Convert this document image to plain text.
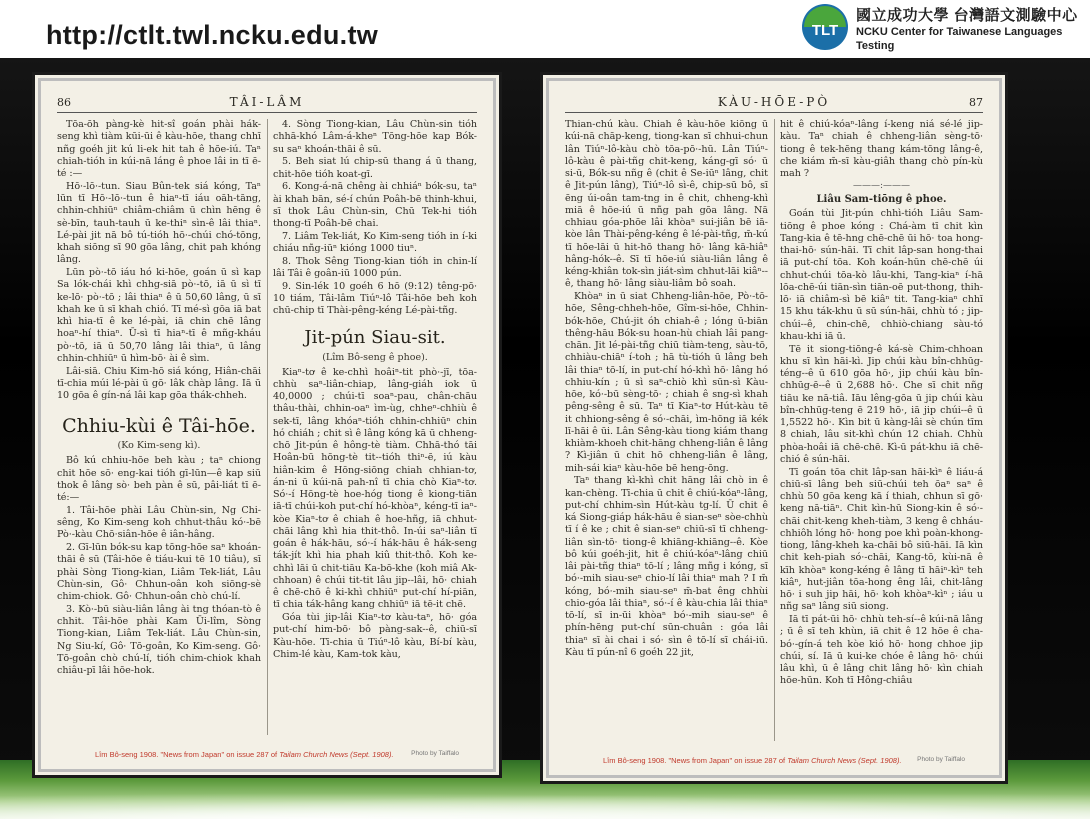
http://ctlt.twl.ncku.edu.tw	TLT
國立成功大學 台灣語文測驗中心
NCKU Center for Taiwanese Languages Testing
86	TÂI-LÂM

Tōa-ōh pàng-kè hit-sî goán phài hák-seng khì tiàm kūi-ūi ê kàu-hōe, thang chhī nñg goéh jit kú li-ek hit tah ê hōe-iú. Taⁿ chiah-tióh in kúi-nā láng ê phoe lâi in tī ē-té :—

Hō·-lō·-tun. Siau Bûn-tek siá kóng, Taⁿ lūn tī Hō·-lō·-tun ê hiaⁿ-tī iáu oāh-tāng, chhin-chhiūⁿ chiâm-chiâm ū chìn hēng ê sè-bīn, tauh-tauh ū ke-thiⁿ sìn-ê lâi thiaⁿ. Lé-pài jit nā bô tú-tióh hō·-chúi chó-tōng, khah siōng sī 90 gōa lâng, chit pah khóng lâng.

Lūn pò·-tō iáu hó ki-hōe, goán ū sì kap Sa lók-chái khì chhg-siā pò·-tō, iā ū sì tī ke-lō· pò·-tō ; lâi thiaⁿ ê ū 50,60 lâng, ū sī khah ke ū sī khah chió. Tī mé-sì gōa iā bat khì hia-tī ê ke lé-pài, iā chin chē lâng hoaⁿ-hí thiaⁿ. Ū-sì tī hiaⁿ-tī ê mñg-kháu pò·-tō, iā ū 50,70 lâng lâi thiaⁿ, ū lâng chhin-chhiūⁿ ū hìm-bō· ài ê sìm.

Lâi-siā. Chiu Kim-hō siá kóng, Hiân-chāi tī-chia múi lé-pài ū gō· lâk chàp lâng. Iā ū 10 gōa ê gín-ná lâi kap gōa thák-chheh.

Chhiu-kùi ê Tâi-hōe.
(Ko Kim-seng kì).

Bô kú chhiu-hōe beh kàu ; taⁿ chiong chit hōe sō· eng-kai tióh gī-lūn—ê kap siū thok ê lâng sò· beh pàn ê sū, pâi-liát tī ē-té:—

1. Tâi-hōe phài Lâu Chùn-sin, Ng Chi-sêng, Ko Kim-seng koh chhut-thâu kó·-bē Pò·-kàu Chō·siân-hōe ê iân-hâng.

2. Gī-lūn bók-su kap tōng-hōe saⁿ khoán-thāi ê sū (Tâi-hōe ê tiáu-kui tē 10 tiâu), sī phài Sòng Tiong-kian, Liâm Tek-liát, Lâu Chùn-sin, Gô· Chhun-oân koh siōng-sè chim-chiok. Gô· Chhun-oân chò chú-lí.

3. Kò·-bū siàu-liân lâng ài tng thóan-tò ê chhit. Tâi-hōe phài Kam Ūi-lîm, Sòng Tiong-kian, Liâm Tek-liát. Lâu Chùn-sin, Ng Siu-kí, Gô· Tō-goân, Ko Kim-seng. Gô· Tō-goân chò chú-lí, tióh chim-chiok khah chiâu-pī lâi hōe-hok.

4. Sòng Tiong-kian, Lâu Chùn-sin tióh chhā-khó Lâm-á-kheⁿ Tōng-hōe kap Bók-su saⁿ khoán-thāi ê sū.

5. Beh siat lú chip-sū thang á ū thang, chit-hōe tióh koat-gī.

6. Kong-á-nā chêng ài chhiáⁿ bók-su, taⁿ ài khah bān, sé-í chún Poâh-bē thinh-khui, sī thok Lâu Chùn-sin, Chū Tek-hi tióh thong-tī Poâh-bē chai.

7. Liâm Tek-liát, Ko Kim-seng tióh in í-ki chiáu nñg-iūⁿ kióng 1000 tiuⁿ.

8. Thok Sêng Tiong-kian tióh in chin-lí lâi Tâi ê goân-iū 1000 pún.

9. Sin-lék 10 goéh 6 hō (9:12) têng-pō· 10 tiám, Tâi-lâm Tiúⁿ-lô Tâi-hōe beh koh chū-chip tī Thài-pêng-kéng Lé-pài-tñg.

Jit-pún Siau-sit.
(Lîm Bô-seng ê phoe).

Kiaⁿ-tơ ê ke-chhì hoâiⁿ-tit phò·-jī, tōa-chhù saⁿ-liân-chiap, lâng-giáh iok ū 40,0000 ; chúi-tī soaⁿ-pau, chân-chāu thâu-thài, chhin-oaⁿ ìm-ùg, chheⁿ-chhiù ê sek-tī, lâng khóaⁿ-tióh chhin-chhiūⁿ chin hó chiáh ; chit sì ê lâng kóng kā ū chheng-chō Jit-pún ê hông-tè tiàm. Chhā-thó tāi Hoân-bū hōng-tè tit--tióh thiⁿ-ē, iú kàu hiân-kim ê Hōng-siōng chiah chhian-tơ, án-ni ū kúi-nā pah-nî tī chia chò Kiaⁿ-tơ. Só·-í Hōng-tè hoe-hóg tiong ê kiong-tiān iā-tī chúi-koh put-chí hó-khòaⁿ, kéng-tī iaⁿ-kòe Kiaⁿ-tơ ê chiah ê hoe-hñg, iā chhut-chāi lâng khì hia thit-thô. In-úi saⁿ-liân tī goán ê hák-hāu, só·-í hák-hāu ê hák-seng ták-jít khì hia phah kiû thit-thô. Koh ke-chhì lāi ū chit-tiāu Ka-bō-khe (koh miâ Ak-chhoan) ê chúi tit-tit lâu jip--lâi, hō· chiah ê chē-chō ê ki-khì chhiūⁿ put-chí hí-piān, tī chia ták-hâng kang chhiūⁿ iā tē-it chē.

Góa tùi jip-lâi Kiaⁿ-tơ kàu-taⁿ, hō· góa put-chí him-bō· bô pàng-sak--ê, chiū-sī Kàu-hōe. Tī-chia ū Tiúⁿ-lô kàu, Bí-bí kàu, Chim-lé kàu, Kam-tok kàu,

Lîm Bô-seng 1908. "News from Japan" on issue 287 of Tailam Church News (Sept. 1908).	Photo by Taiffalo
KÀU-HŌE-PÒ	87

Thian-chú kàu. Chiah ê kàu-hōe kiōng ū kúi-nā chāp-keng, tiong-kan sī chhui-chun lân Tiúⁿ-lô-kàu chò tōa-pō·-hū. Lân Tiúⁿ-lô-kàu ê pài-tñg chit-keng, káng-gī só· ū si-ū, Bók-su nñg ê (chit ê Se-iūⁿ lâng, chit ê Jit-pún lâng), Tiúⁿ-lô sì-ê, chip-sū bô, sī ēng úi-oân tam-tng in ê chit, chheng-khì miā ê hōe-iú ū nñg pah gōa lâng. Nā chhiau góa-phōe lâi khòaⁿ sui-jiân bē iā-kòe lân Thài-pêng-kéng ê lé-pài-tñg, m̄-kú tī hōe-lāi ū hit-hō thang hō· lâng kā-hiâⁿ hâng-hók--ê. Sī tī hōe-iú siàu-liân lâng ê kéng-khiân tok-sìn jiát-sìm chhut-lāi kiâⁿ--ê, thang hō· lâng siàu-liâm bô soah.

Khòaⁿ in ū siat Chheng-liân-hōe, Pò·-tō-hōe, Sêng-chheh-hōe, Gîm-si-hōe, Chhin-bók-hōe, Chú-jit óh chiah-ê ; lóng ū-biān thêng-hāu Bók-su hoan-hù chiah lâi pang-chān. Jit lé-pài-tñg chiū tiàm-teng, sàu-tō, chhiàu-chiāⁿ í-toh ; hā tù-tióh ū lâng beh lâi thiaⁿ tō-lí, in put-chí hó-khì hō· lâng hó chhiu-kín ; ū sì saⁿ-chiò khì sūn-sì Kàu-hōe, kó·-bū sèng-tō· ; chiah ê sng-sì khah pêng-sêng ê sū. Taⁿ tī Kiaⁿ-tơ Hút-kàu tē it chhiong-sêng ê só·-chāi, ìm-hōng iā kék lī-hāi ê ūi. Lân Sêng-kàu tiong kiám thang khiàm-khoeh chit-hāng chheng-liân ê lâng ? Kì-jiân ū chit hō chheng-liân ê lâng, mih-sái kiaⁿ kàu-hōe bē heng-ōng.

Taⁿ thang kì-khì chit hāng lâi chò in ê kan-chèng. Tī-chia ū chit ê chiú-kóaⁿ-lâng, put-chí chhim-sìn Hút-kàu tg-lí. Ū chit ê ká Siong-giáp hák-hāu ê sian-seⁿ sòe-chhù tī í ê ke ; chit ê sian-seⁿ chiū-sī tī chheng-liân sìn-tō· tiong-ê khiāng-khiāng--ê. Kòe bô kúi goéh-jit, hit ê chiú-kóaⁿ-lâng chiū lâi pài-tñg thiaⁿ tō-lí ; lâng mñg i kóng, sī bó·-mih siau-seⁿ chio-lí lâi thiaⁿ mah ? I m̄ kóng, bó·-mih siau-seⁿ m̄-bat êng chhùi chio-góa lâi thiaⁿ, só·-í ê kàu-chia lâi thiaⁿ tō-lí, sī in-ūi khòaⁿ bó·-mih siau-seⁿ ê phín-hēng put-chí sūn-chuân : góa lâi thiaⁿ sī ài chai i só· sìn ê tō-lí sī chái-iū. Kàu tī pún-nî 6 goéh 22 jit,

hit ê chiú-kóaⁿ-lâng í-keng niá sé-lé jip-kàu. Taⁿ chiah ê chheng-liân sèng-tō· tiong ê tek-hēng thang kám-tōng lâng-ê, che kiám m̄-sī kàu-giâh thang chò pín-kù mah ?

———:———
Liâu Sam-tiōng ê phoe.

Goán tùi Jit-pún chhì-tióh Liâu Sam-tiōng ê phoe kóng : Chá-àm tī chit kìn Tang-kia ê tē-hng chē-chē ūi hō· toa hong-thai-hō· sún-hāi. Tī chit lâp-san hong-thai iā put-chí tōa. Koh koán-hūn chē-chē úi chhut-chúi tōa-kò lâu-khi, Tang-kiaⁿ í-hā lōa-chē-úi tiān-sìn tiān-oē put-thong, thih-lō· iā chiâm-sì bē kiâⁿ tit. Tang-kiaⁿ chhī 15 khu ták-khu ū sū sún-hāi, chhù tó ; jip-chúi--ê, chin-chē, chhiò-chiang sàu-tó khau-khi iā ū.

Tē it siong-tiōng-ê ká-sè Chim-chhoan khu sī kìn hāi-kì. Jip chúi kàu bîn-chhūg-téng--ê ū 610 gōa hō·, jip chúi kàu bîn-chhūg-ē--ê ū 2,688 hō·. Che sī chit nñg tiāu ke nā-tiâ. Iāu lêng-gōa ū jip chúi kàu bîn-chhūg-teng ē 219 hō·, iā jip chúi--ê ū 1,5522 hō·. Kìn bit ū kàng-lâi sè chún tīm 8 chiah, lâu sit-khì chún 12 chiah. Chhù phòa-hoâi iā chē-chē. Kì-ū pát-khu iā chē-chió ê sún-hāi.

Tī goán tōa chit lâp-san hāi-kìⁿ ê liáu-á chiū-sī lâng beh siū-chúi teh ōaⁿ saⁿ ê chhù 50 gōa keng kā í thiah, chhun sī gō· keng nā-tiāⁿ. Chit kìn-hū Siong-kin ê só·-chāi chit-keng kheh-tiàm, 3 keng ê chháu-chhiôh lóng hō· hong poe khì poàn-khong-tiong, lâng-kheh ka-chāi bô siū-hāi. Iā kìn chit keh-piah só·-chāi, Kang-tō, kùi-nā ê kīh khòaⁿ kong-kéng ê lâng tī hāiⁿ-kìⁿ teh kiâⁿ, hut-jiân tōa-hong êng lâi, chit-lâng hō· i suh jip hāi, hō· koh khòaⁿ-kìⁿ ; iáu u nñg saⁿ lâng siū siong.

Iā tī pát-ūi hō· chhù teh-sí--ê kúi-nā lâng ; ū ê sī teh khùn, iā chit ê 12 hōe ê cha-bó·-gín-á teh kòe kió hō· hong chhoe jip chúi, sí. Iā ū kui-ke chóe ê lâng hō· chúi lâu khì, ū ê lâng chit lâng hō· kìn chiah hōe-hūn. Koh tī Hông-chiâu

Lîm Bô-seng 1908. "News from Japan" on issue 287 of Tailam Church News (Sept. 1908). Photo by Taiffalo
